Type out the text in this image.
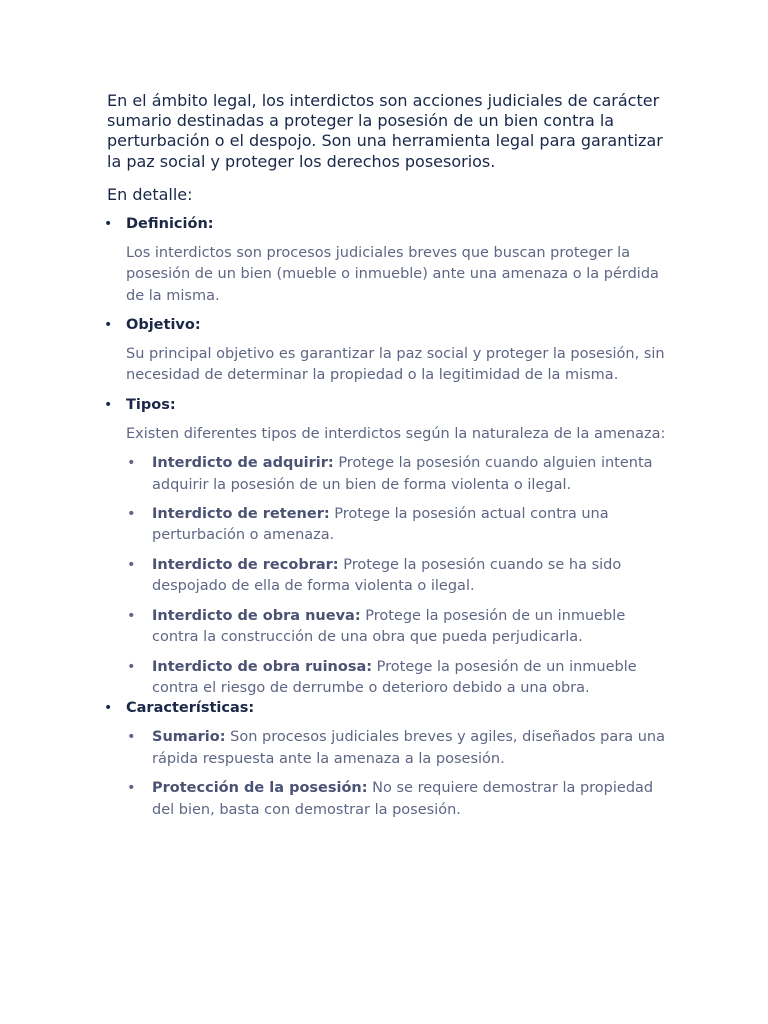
En el ámbito legal, los interdictos son acciones judiciales de carácter sumario destinadas a proteger la posesión de un bien contra la perturbación o el despojo. Son una herramienta legal para garantizar la paz social y proteger los derechos posesorios.

En detalle:

• Definición:

Los interdictos son procesos judiciales breves que buscan proteger la posesión de un bien (mueble o inmueble) ante una amenaza o la pérdida de la misma.

• Objetivo:

Su principal objetivo es garantizar la paz social y proteger la posesión, sin necesidad de determinar la propiedad o la legitimidad de la misma.

• Tipos:

Existen diferentes tipos de interdictos según la naturaleza de la amenaza:

• Interdicto de adquirir: Protege la posesión cuando alguien intenta adquirir la posesión de un bien de forma violenta o ilegal.
• Interdicto de retener: Protege la posesión actual contra una perturbación o amenaza.
• Interdicto de recobrar: Protege la posesión cuando se ha sido despojado de ella de forma violenta o ilegal.
• Interdicto de obra nueva: Protege la posesión de un inmueble contra la construcción de una obra que pueda perjudicarla.
• Interdicto de obra ruinosa: Protege la posesión de un inmueble contra el riesgo de derrumbe o deterioro debido a una obra.
• Características:

• Sumario: Son procesos judiciales breves y agiles, diseñados para una rápida respuesta ante la amenaza a la posesión.
• Protección de la posesión: No se requiere demostrar la propiedad del bien, basta con demostrar la posesión.
